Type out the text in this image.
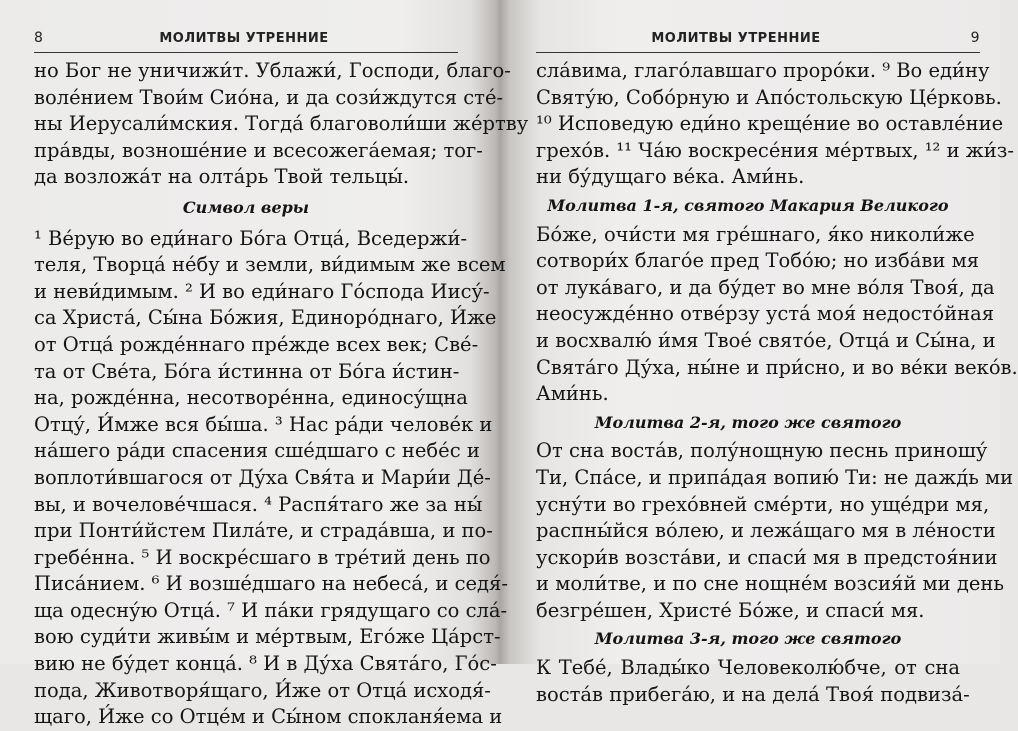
8	МОЛИТВЫ УТРЕННИЕ
но Бог не уничижи́т. Ублажи́, Господи, благо-
воле́нием Твои́м Сио́на, и да сози́ждутся сте́-
ны Иерусали́мския. Тогда́ благоволи́ши же́ртву
пра́вды, возноше́ние и всесожега́емая; тог-
да возложа́т на олта́рь Твой тельцы́.
Символ веры
¹ Ве́рую во еди́наго Бо́га Отца́, Вседержи́-
теля, Творца́ не́бу и земли, ви́димым же всем
и неви́димым. ² И во еди́наго Го́спода Иису́-
са Христа́, Сы́на Бо́жия, Единоро́днаго, И́же
от Отца́ рожде́ннаго пре́жде всех век; Све́-
та от Све́та, Бо́га и́стинна от Бо́га и́стин-
на, рожде́нна, несотворе́нна, единосу́щна
Отцу́, И́мже вся бы́ша. ³ Нас ра́ди челове́к и
на́шего ра́ди спасения сше́дшаго с небе́с и
воплоти́вшагося от Ду́ха Свя́та и Мари́и Де́-
вы, и вочелове́чшася. ⁴ Распя́таго же за ны́
при Понти́йстем Пила́те, и страда́вша, и по-
гребе́нна. ⁵ И воскре́сшаго в тре́тий день по
Писа́нием. ⁶ И возше́дшаго на небеса́, и седя́-
ща одесну́ю Отца́. ⁷ И па́ки грядущаго со сла́-
вою суди́ти живы́м и ме́ртвым, Его́же Ца́рст-
вию не бу́дет конца́. ⁸ И в Ду́ха Свята́го, Го́с-
пода, Животворя́щаго, И́же от Отца́ исходя́-
щаго, И́же со Отце́м и Сы́ном спокланя́ема и
МОЛИТВЫ УТРЕННИЕ	9
сла́вима, глаго́лавшаго проро́ки. ⁹ Во еди́ну
Святу́ю, Собо́рную и Апо́стольскую Це́рковь.
¹⁰ Исповедую еди́но креще́ние во оставле́ние
грехо́в. ¹¹ Ча́ю воскресе́ния ме́ртвых, ¹² и жи́з-
ни бу́дущаго ве́ка. Ами́нь.
Молитва 1-я, святого Макария Великого
Бо́же, очи́сти мя гре́шнаго, я́ко николи́же
сотвори́х благо́е пред Тобо́ю; но изба́ви мя
от лука́ваго, и да бу́дет во мне во́ля Твоя́, да
неосужде́нно отве́рзу уста́ моя́ недосто́йная
и восхвалю́ и́мя Твое́ свято́е, Отца́ и Сы́на, и
Свята́го Ду́ха, ны́не и при́сно, и во ве́ки веко́в.
Ами́нь.
Молитва 2-я, того же святого
От сна воста́в, полу́нощную песнь приношу́
Ти, Спа́се, и припа́дая вопию́ Ти: не дажд́ь ми
усну́ти во грехо́вней сме́рти, но уще́дри мя,
распны́йся во́лею, и лежа́щаго мя в ле́ности
ускори́в возста́ви, и спаси́ мя в предстоя́нии
и моли́тве, и по сне нощне́м возсия́й ми день
безгре́шен, Христе́ Бо́же, и спаси́ мя.
Молитва 3-я, того же святого
К Тебе́, Влады́ко Человеколю́бче, от сна
воста́в прибега́ю, и на дела́ Твоя́ подвиза́-
